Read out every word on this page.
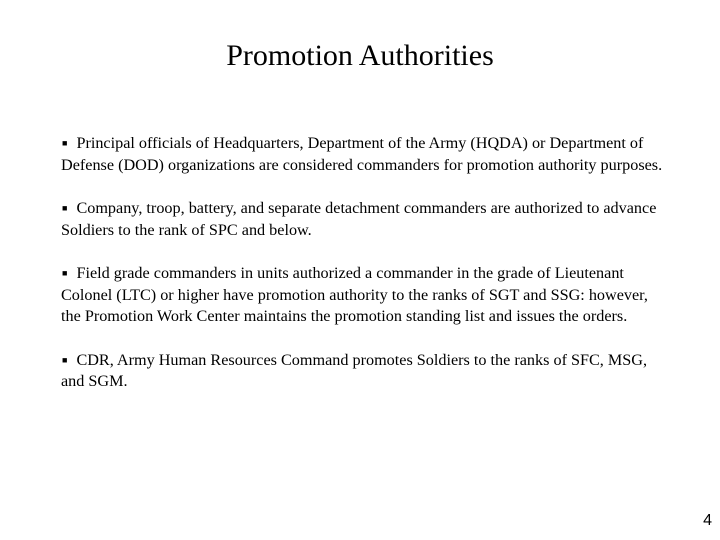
Promotion Authorities

■ Principal officials of Headquarters, Department of the Army (HQDA) or Department of Defense (DOD) organizations are considered commanders for promotion authority purposes.

■ Company, troop, battery, and separate detachment commanders are authorized to advance Soldiers to the rank of SPC and below.

■ Field grade commanders in units authorized a commander in the grade of Lieutenant Colonel (LTC) or higher have promotion authority to the ranks of SGT and SSG: however, the Promotion Work Center maintains the promotion standing list and issues the orders.

■ CDR, Army Human Resources Command promotes Soldiers to the ranks of SFC, MSG, and SGM.

4
